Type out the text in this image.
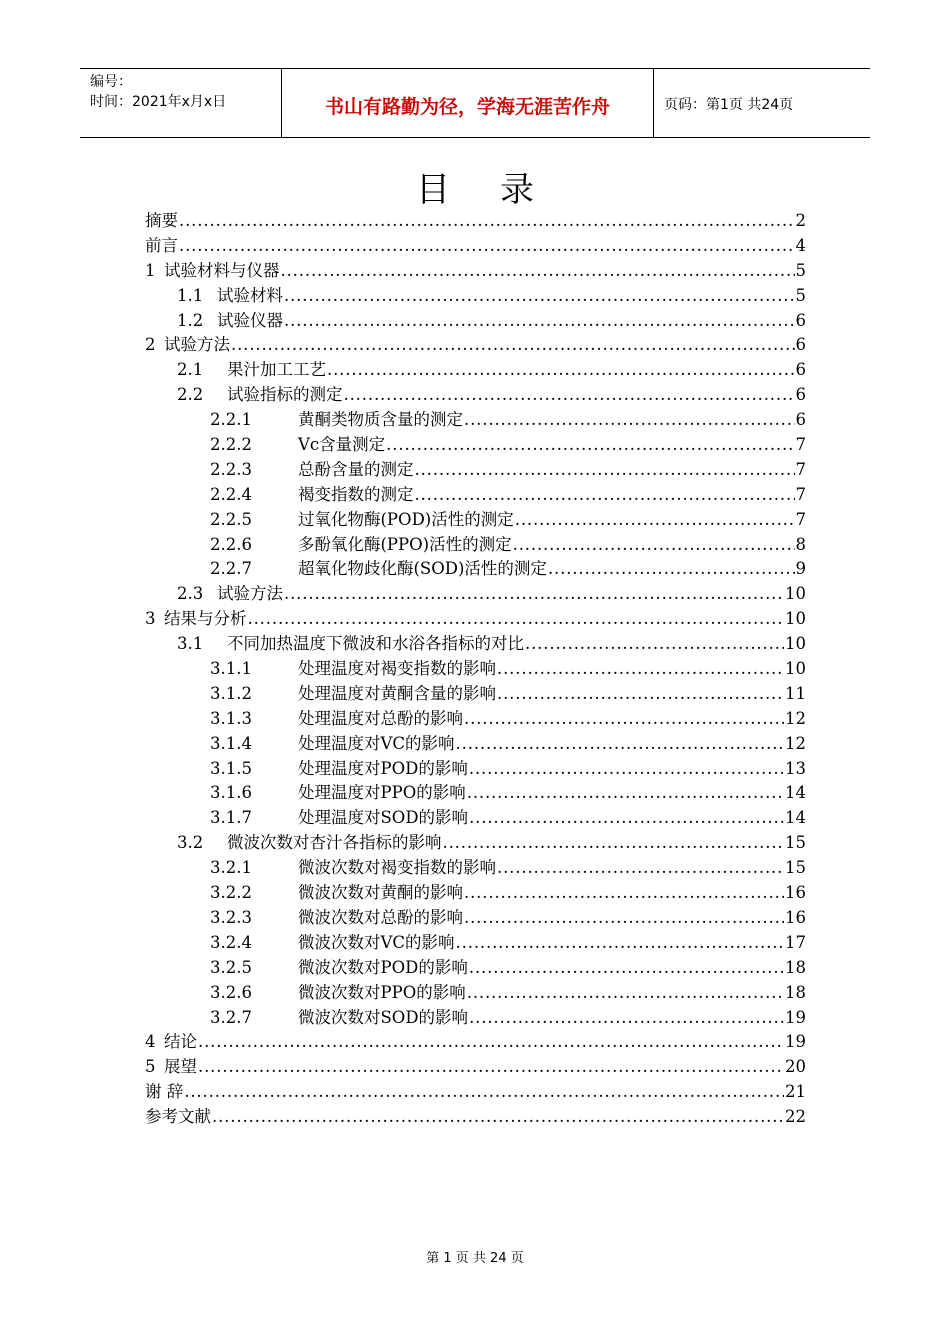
编号：
时间：2021年x月x日	书山有路勤为径，学海无涯苦作舟	页码：第1页 共24页
目 录
摘要 . . .	2
前言 . . .	4
1 试验材料与仪器 . . .	5
1.1 试验材料 . . .	5
1.2 试验仪器 . . .	6
2 试验方法 . . .	6
2.1 果汁加工工艺 . . .	6
2.2 试验指标的测定 . . .	6
2.2.1	黄酮类物质含量的测定 . . .	6
2.2.2	Vc含量测定 . . .	7
2.2.3	总酚含量的测定 . . .	7
2.2.4	褐变指数的测定 . . .	7
2.2.5	过氧化物酶(POD)活性的测定 . . .	7
2.2.6	多酚氧化酶(PPO)活性的测定 . . .	8
2.2.7	超氧化物歧化酶(SOD)活性的测定 . . .	9
2.3 试验方法 . . .	10
3 结果与分析 . . .	10
3.1 不同加热温度下微波和水浴各指标的对比 . . .	10
3.1.1	处理温度对褐变指数的影响 . . .	10
3.1.2	处理温度对黄酮含量的影响 . . .	11
3.1.3	处理温度对总酚的影响 . . .	12
3.1.4	处理温度对VC的影响 . . .	12
3.1.5	处理温度对POD的影响 . . .	13
3.1.6	处理温度对PPO的影响 . . .	14
3.1.7	处理温度对SOD的影响 . . .	14
3.2 微波次数对杏汁各指标的影响 . . .	15
3.2.1	微波次数对褐变指数的影响 . . .	15
3.2.2	微波次数对黄酮的影响 . . .	16
3.2.3	微波次数对总酚的影响 . . .	16
3.2.4	微波次数对VC的影响 . . .	17
3.2.5	微波次数对POD的影响 . . .	18
3.2.6	微波次数对PPO的影响 . . .	18
3.2.7	微波次数对SOD的影响 . . .	19
4 结论 . . .	19
5 展望 . . .	20
谢 辞 . . .	21
参考文献 . . .	22
第 1 页 共 24 页
